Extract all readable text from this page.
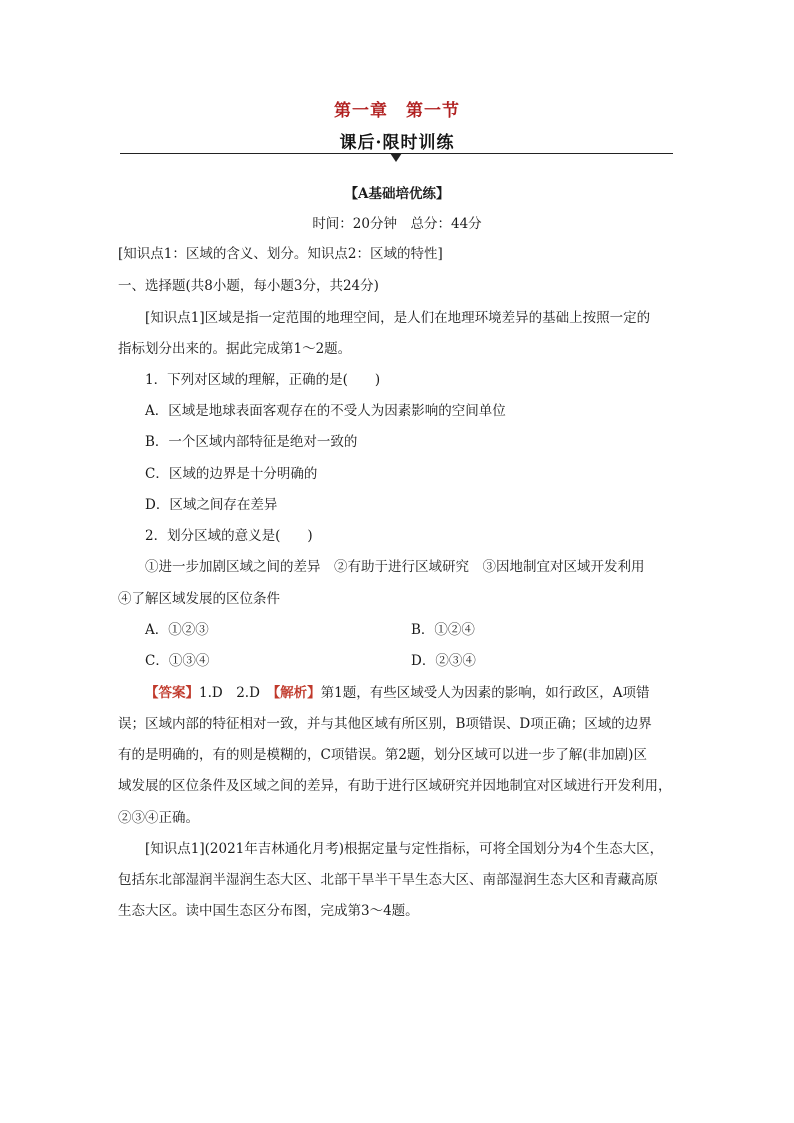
第一章　第一节
课后·限时训练
【A基础培优练】
时间：20分钟　总分：44分
[知识点1：区域的含义、划分。知识点2：区域的特性]
一、选择题(共8小题，每小题3分，共24分)
[知识点1]区域是指一定范围的地理空间，是人们在地理环境差异的基础上按照一定的
指标划分出来的。据此完成第1～2题。
1．下列对区域的理解，正确的是(　　)
A．区域是地球表面客观存在的不受人为因素影响的空间单位
B．一个区域内部特征是绝对一致的
C．区域的边界是十分明确的
D．区域之间存在差异
2．划分区域的意义是(　　)
①进一步加剧区域之间的差异　②有助于进行区域研究　③因地制宜对区域开发利用
④了解区域发展的区位条件
A．①②③	B．①②④
C．①③④	D．②③④
【答案】1.D　2.D　【解析】第1题，有些区域受人为因素的影响，如行政区，A项错
误；区域内部的特征相对一致，并与其他区域有所区别，B项错误、D项正确；区域的边界
有的是明确的，有的则是模糊的，C项错误。第2题，划分区域可以进一步了解(非加剧)区
域发展的区位条件及区域之间的差异，有助于进行区域研究并因地制宜对区域进行开发利用，
②③④正确。
[知识点1](2021年吉林通化月考)根据定量与定性指标，可将全国划分为4个生态大区，
包括东北部湿润半湿润生态大区、北部干旱半干旱生态大区、南部湿润生态大区和青藏高原
生态大区。读中国生态区分布图，完成第3～4题。
